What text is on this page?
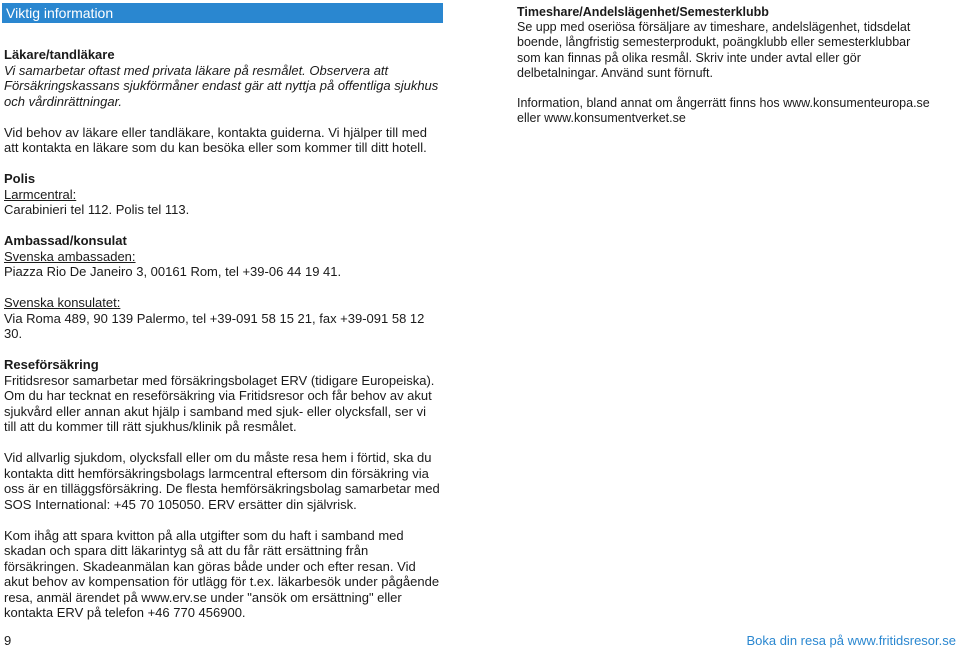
Viktig information
Läkare/tandläkare
Vi samarbetar oftast med privata läkare på resmålet. Observera att
Försäkringskassans sjukförmåner endast gär att nyttja på offentliga sjukhus
och vårdinrättningar.
Vid behov av läkare eller tandläkare, kontakta guiderna. Vi hjälper till med
att kontakta en läkare som du kan besöka eller som kommer till ditt hotell.
Polis
Larmcentral:
Carabinieri tel 112. Polis tel 113.
Ambassad/konsulat
Svenska ambassaden:
Piazza Rio De Janeiro 3, 00161 Rom, tel +39-06 44 19 41.
Svenska konsulatet:
Via Roma 489, 90 139 Palermo, tel +39-091 58 15 21, fax +39-091 58 12
30.
Reseförsäkring
Fritidsresor samarbetar med försäkringsbolaget ERV (tidigare Europeiska).
Om du har tecknat en reseförsäkring via Fritidsresor och får behov av akut
sjukvård eller annan akut hjälp i samband med sjuk- eller olycksfall, ser vi
till att du kommer till rätt sjukhus/klinik på resmålet.
Vid allvarlig sjukdom, olycksfall eller om du måste resa hem i förtid, ska du
kontakta ditt hemförsäkringsbolags larmcentral eftersom din försäkring via
oss är en tilläggsförsäkring. De flesta hemförsäkringsbolag samarbetar med
SOS International: +45 70 105050. ERV ersätter din självrisk.
Kom ihåg att spara kvitton på alla utgifter som du haft i samband med
skadan och spara ditt läkarintyg så att du får rätt ersättning från
försäkringen. Skadeanmälan kan göras både under och efter resan. Vid
akut behov av kompensation för utlägg för t.ex. läkarbesök under pågående
resa, anmäl ärendet på www.erv.se under "ansök om ersättning" eller
kontakta ERV på telefon +46 770 456900.
Timeshare/Andelslägenhet/Semesterklubb
Se upp med oseriösa försäljare av timeshare, andelslägenhet, tidsdelat
boende, långfristig semesterprodukt, poängklubb eller semesterklubbar
som kan finnas på olika resmål. Skriv inte under avtal eller gör
delbetalningar. Använd sunt förnuft.
Information, bland annat om ångerrätt finns hos www.konsumenteuropa.se
eller www.konsumentverket.se
9	Boka din resa på www.fritidsresor.se
